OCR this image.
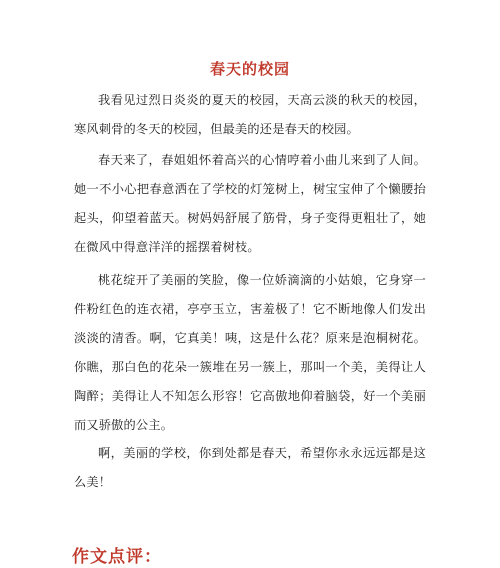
春天的校园

我看见过烈日炎炎的夏天的校园，天高云淡的秋天的校园，寒风刺骨的冬天的校园，但最美的还是春天的校园。

春天来了，春姐姐怀着高兴的心情哼着小曲儿来到了人间。她一不小心把春意洒在了学校的灯笼树上，树宝宝伸了个懒腰抬起头，仰望着蓝天。树妈妈舒展了筋骨，身子变得更粗壮了，她在微风中得意洋洋的摇摆着树枝。

桃花绽开了美丽的笑脸，像一位娇滴滴的小姑娘，它身穿一件粉红色的连衣裙，亭亭玉立，害羞极了！它不断地像人们发出淡淡的清香。啊，它真美！咦，这是什么花？原来是泡桐树花。你瞧，那白色的花朵一簇堆在另一簇上，那叫一个美，美得让人陶醉；美得让人不知怎么形容！它高傲地仰着脑袋，好一个美丽而又骄傲的公主。

啊，美丽的学校，你到处都是春天，希望你永永远远都是这么美！

作文点评：
